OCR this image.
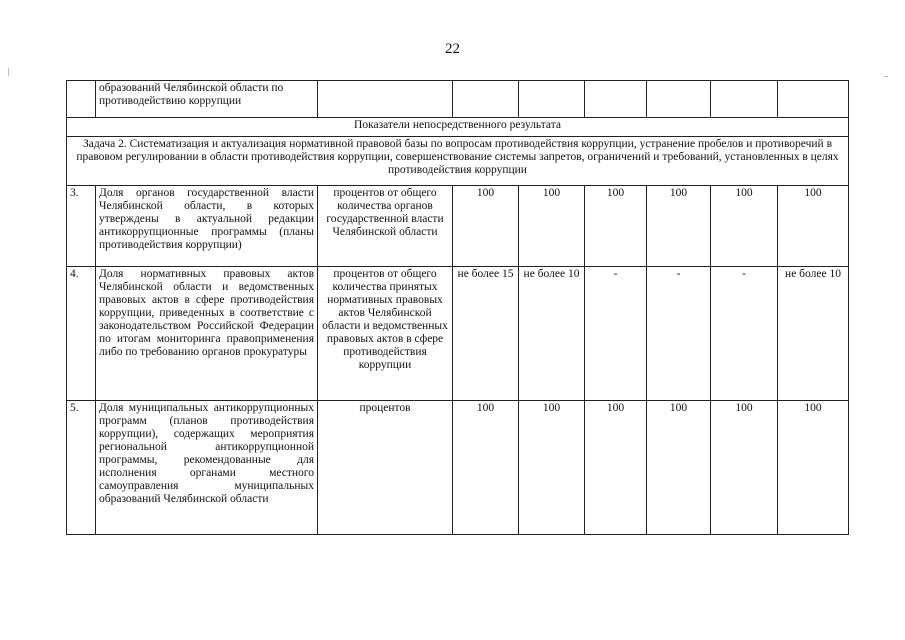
22
	образований Челябинской области по противодействию коррупции							
Показатели непосредственного результата								
Задача 2. Систематизация и актуализация нормативной правовой базы по вопросам противодействия коррупции, устранение пробелов и противоречий в правовом регулировании в области противодействия коррупции, совершенствование системы запретов, ограничений и требований, установленных в целях противодействия коррупции								
3.	Доля органов государственной власти Челябинской области, в которых утверждены в актуальной редакции антикоррупционные программы (планы противодействия коррупции)	процентов от общего количества органов государственной власти Челябинской области	100	100	100	100	100	100
4.	Доля нормативных правовых актов Челябинской области и ведомственных правовых актов в сфере противодействия коррупции, приведенных в соответствие с законодательством Российской Федерации по итогам мониторинга правоприменения либо по требованию органов прокуратуры	процентов от общего количества принятых нормативных правовых актов Челябинской области и ведомственных правовых актов в сфере противодействия коррупции	не более 15	не более 10	-	-	-	не более 10
5.	Доля муниципальных антикоррупционных программ (планов противодействия коррупции), содержащих мероприятия региональной антикоррупционной программы, рекомендованные для исполнения органами местного самоуправления муниципальных образований Челябинской области	процентов	100	100	100	100	100	100
